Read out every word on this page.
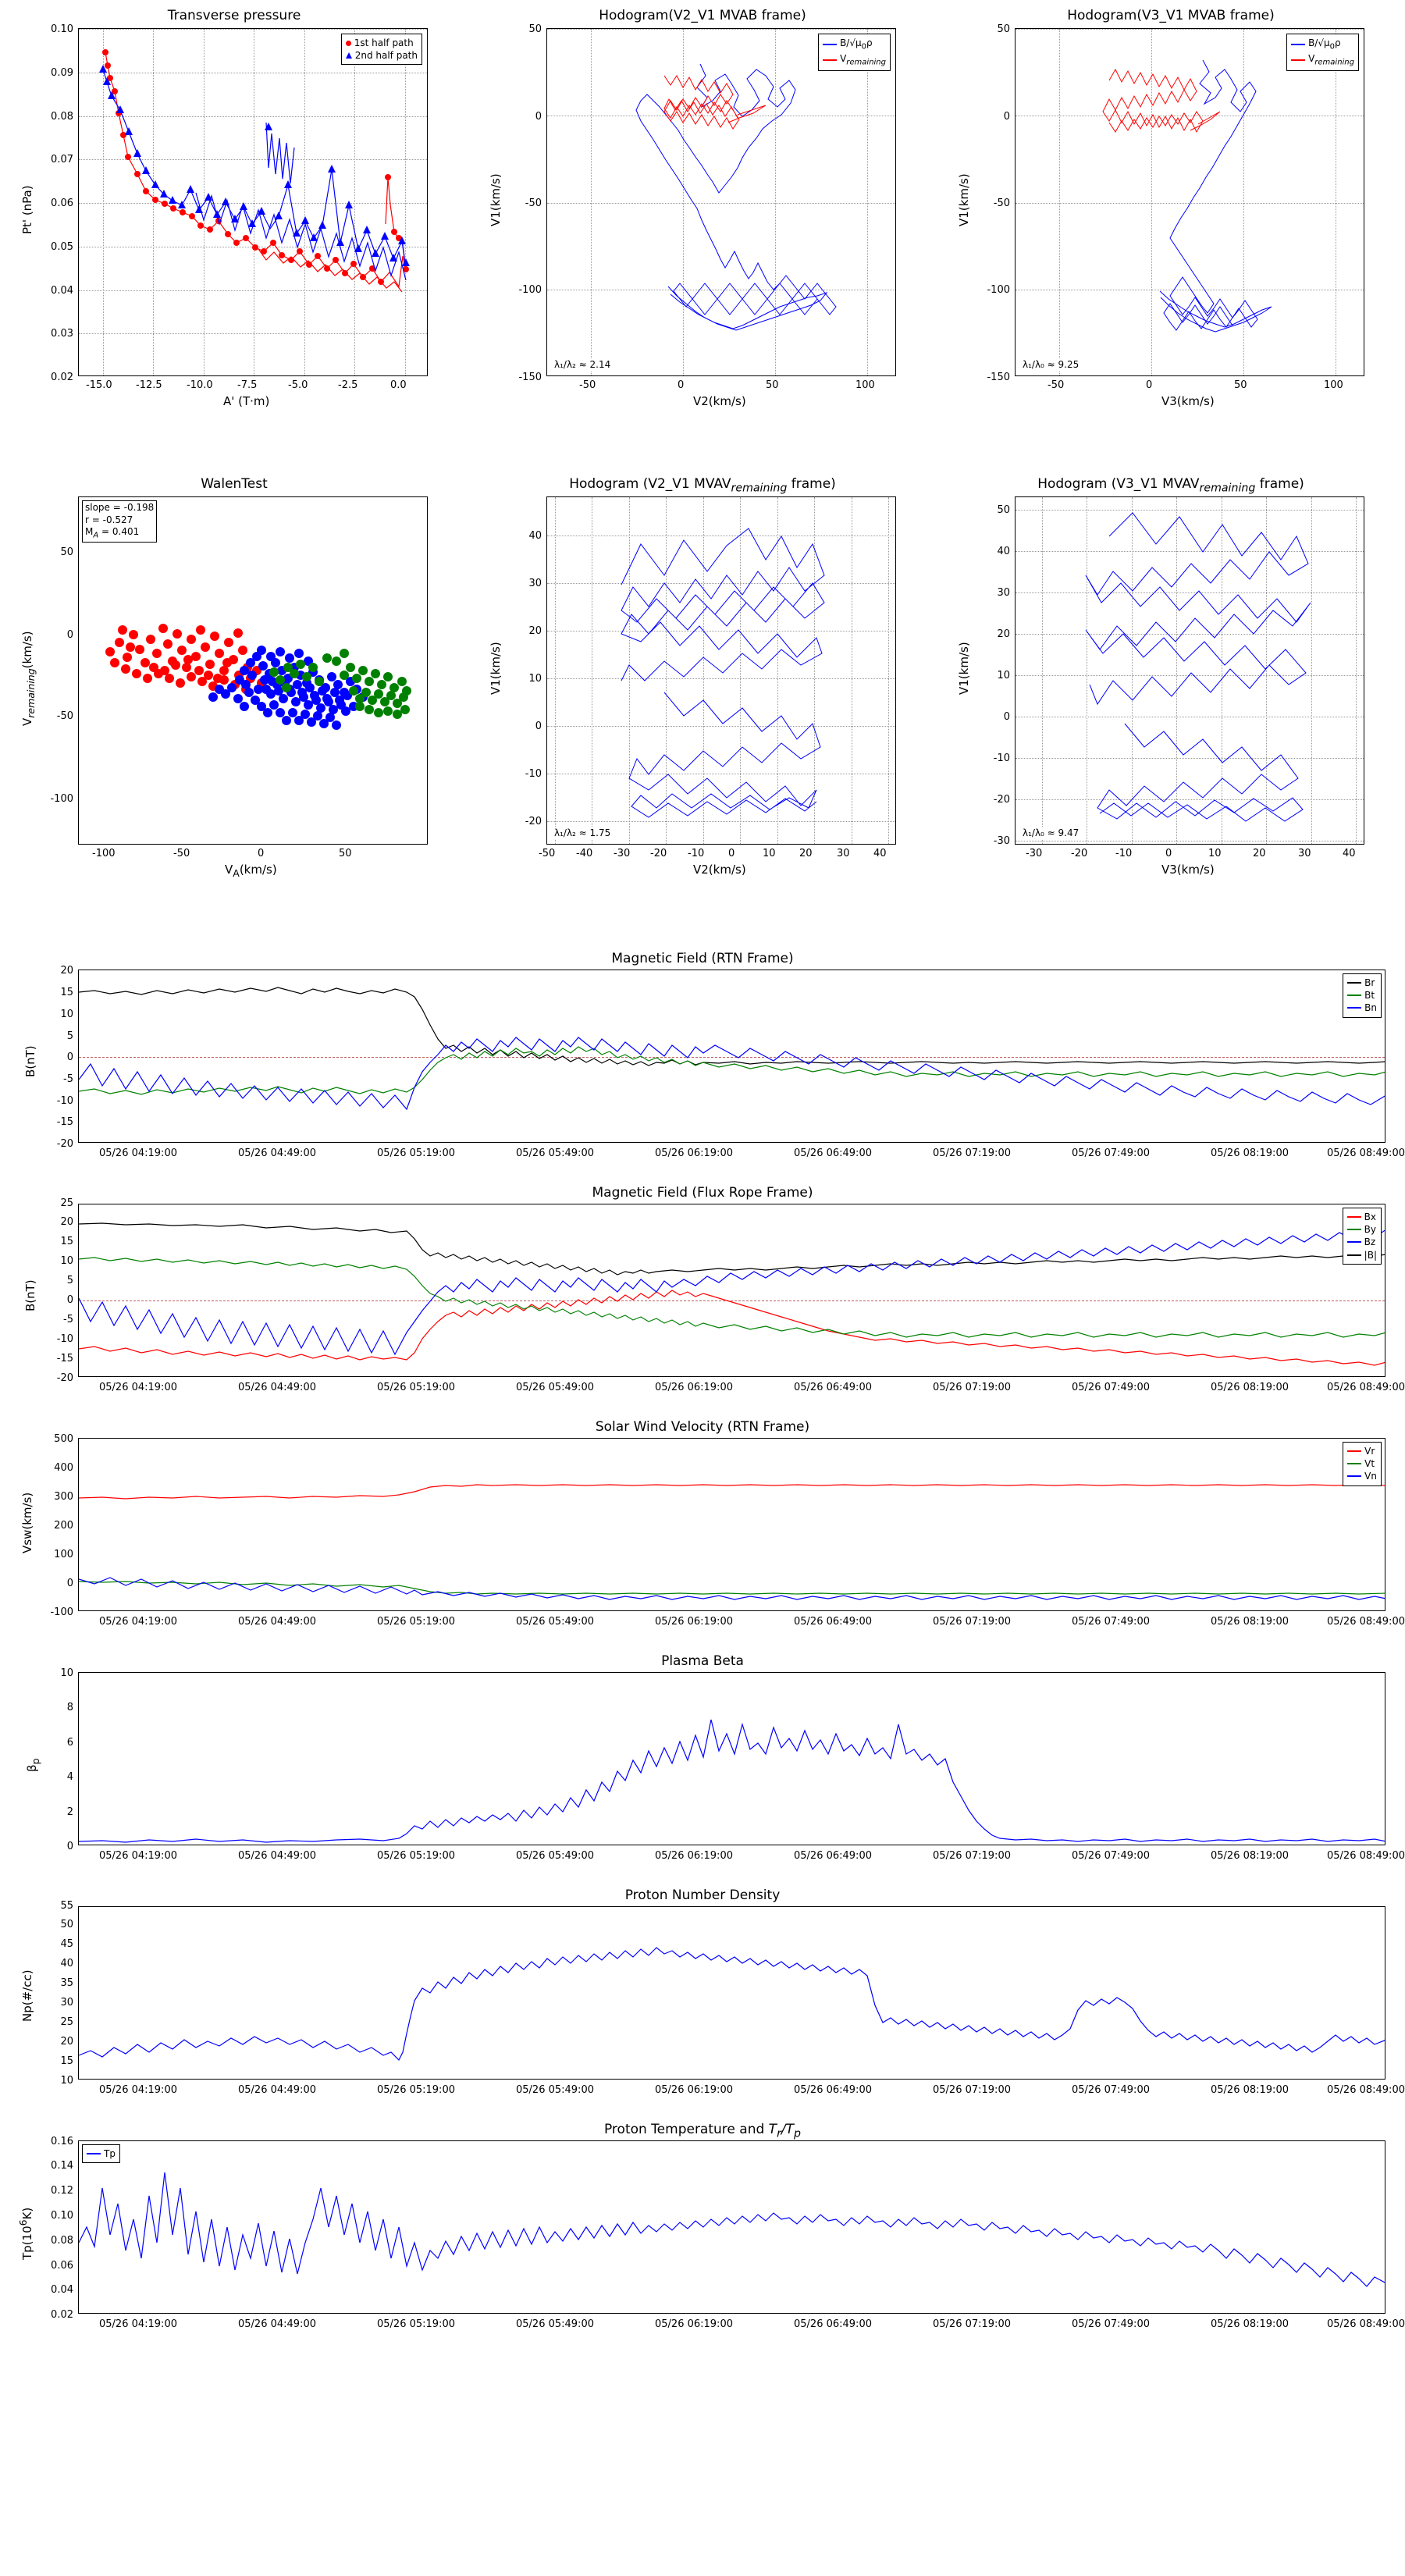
Transverse pressure
1st half path
2nd half path
-15.0 -12.5 -10.0 -7.5	-5.0	-2.5	0.0
0.02
0.03
0.04
0.05
0.06
0.07
0.08
0.09
0.10
A' (T·m)
Pt' (nPa)
Hodogram(V2_V1 MVAB frame)
$B/√\mu_0\rho$
$V_{remaining}$
λ₁/λ₂ ≈ 2.14
-50	0	50	100
-150
-100
-50
0
50
V2(km/s)
V1(km/s)
Hodogram(V3_V1 MVAB frame)
$B/√\mu_0\rho$
$V_{remaining}$
λ₁/λ₀ ≈ 9.25
-50	0	50	100
-150
-100
-50
0
50
V3(km/s)
V1(km/s)
WalenTest
slope = -0.198
r = -0.527
$M_A = 0.401$
-100	-50	0	50
-100
-50
0
50
$V_A(km/s)$
$V_{remaining}(km/s)$
Hodogram (V2_V1 $MVAV_{remaining}$ frame)
λ₁/λ₂ ≈ 1.75
-50 -40 -30 -20 -10 0	10 20 30 40
-20
-10
0
10
20
30
40
V2(km/s)
V1(km/s)
Hodogram (V3_V1 $MVAV_{remaining}$ frame)
λ₁/λ₀ ≈ 9.47
-30	-20	-10	0	10	20	30	40
-30
-20
-10
0
10
20
30
40
50
V3(km/s)
V1(km/s)
Magnetic Field (RTN Frame)
Br
Bt
Bn
-20
-15
-10
-5
0
5
10
15
20
B(nT)
05/26 04:19:00	05/26 04:49:00	05/26 05:19:00	05/26 05:49:00	05/26 06:19:00	05/26 06:49:00	05/26 07:19:00	05/26 07:49:00	05/26 08:19:00	05/26 08:49:00
Magnetic Field (Flux Rope Frame)
Bx
By
Bz
|B|
-20
-15
-10
-5
0
5
10
15
20
25
B(nT)
05/26 04:19:00	05/26 04:49:00	05/26 05:19:00	05/26 05:49:00	05/26 06:19:00	05/26 06:49:00	05/26 07:19:00	05/26 07:49:00	05/26 08:19:00	05/26 08:49:00
Solar Wind Velocity (RTN Frame)
Vr
Vt
Vn
-100
0
100
200
300
400
500
Vsw(km/s)
05/26 04:19:00	05/26 04:49:00	05/26 05:19:00	05/26 05:49:00	05/26 06:19:00	05/26 06:49:00	05/26 07:19:00	05/26 07:49:00	05/26 08:19:00	05/26 08:49:00
Plasma Beta
0
2
4
6
8
10
$\beta_p$
05/26 04:19:00	05/26 04:49:00	05/26 05:19:00	05/26 05:49:00	05/26 06:19:00	05/26 06:49:00	05/26 07:19:00	05/26 07:49:00	05/26 08:19:00	05/26 08:49:00
Proton Number Density
10
15
20
25
30
35
40
45
50
55
Np(#/cc)
05/26 04:19:00	05/26 04:49:00	05/26 05:19:00	05/26 05:49:00	05/26 06:19:00	05/26 06:49:00	05/26 07:19:00	05/26 07:49:00	05/26 08:19:00	05/26 08:49:00
Proton Temperature and $T_r/T_p$
Tp
0.02
0.04
0.06
0.08
0.10
0.12
0.14
0.16
$Tp(10^6K)$
05/26 04:19:00	05/26 04:49:00	05/26 05:19:00	05/26 05:49:00	05/26 06:19:00	05/26 06:49:00	05/26 07:19:00	05/26 07:49:00	05/26 08:19:00	05/26 08:49:00
